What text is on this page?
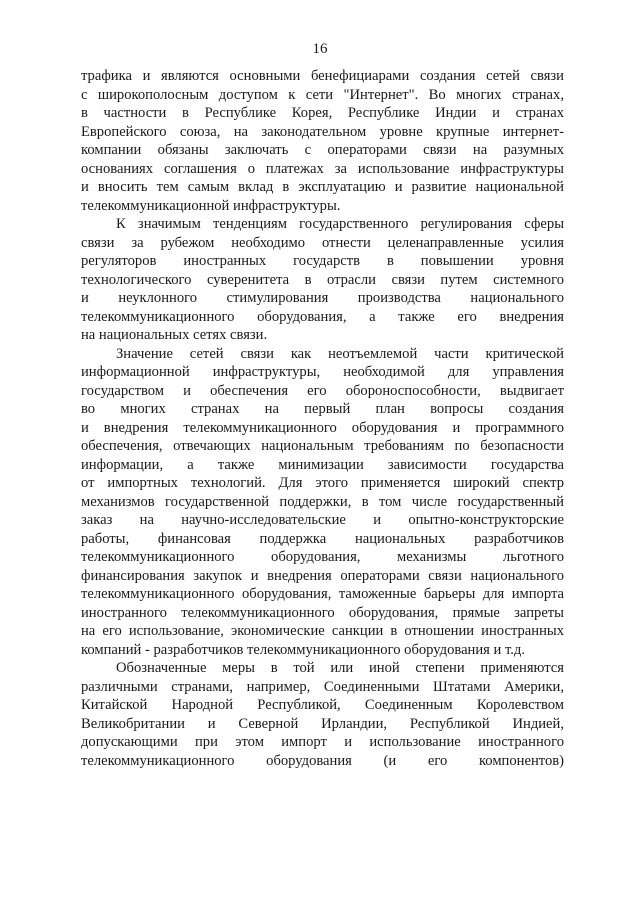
16
трафика и являются основными бенефициарами создания сетей связи
с широкополосным доступом к сети "Интернет". Во многих странах,
в частности в Республике Корея, Республике Индии и странах
Европейского союза, на законодательном уровне крупные интернет-
компании обязаны заключать с операторами связи на разумных
основаниях соглашения о платежах за использование инфраструктуры
и вносить тем самым вклад в эксплуатацию и развитие национальной
телекоммуникационной инфраструктуры.
К значимым тенденциям государственного регулирования сферы
связи за рубежом необходимо отнести целенаправленные усилия
регуляторов иностранных государств в повышении уровня
технологического суверенитета в отрасли связи путем системного
и неуклонного стимулирования производства национального
телекоммуникационного оборудования, а также его внедрения
на национальных сетях связи.
Значение сетей связи как неотъемлемой части критической
информационной инфраструктуры, необходимой для управления
государством и обеспечения его обороноспособности, выдвигает
во многих странах на первый план вопросы создания
и внедрения телекоммуникационного оборудования и программного
обеспечения, отвечающих национальным требованиям по безопасности
информации, а также минимизации зависимости государства
от импортных технологий. Для этого применяется широкий спектр
механизмов государственной поддержки, в том числе государственный
заказ на научно-исследовательские и опытно-конструкторские
работы, финансовая поддержка национальных разработчиков
телекоммуникационного оборудования, механизмы льготного
финансирования закупок и внедрения операторами связи национального
телекоммуникационного оборудования, таможенные барьеры для импорта
иностранного телекоммуникационного оборудования, прямые запреты
на его использование, экономические санкции в отношении иностранных
компаний - разработчиков телекоммуникационного оборудования и т.д.
Обозначенные меры в той или иной степени применяются
различными странами, например, Соединенными Штатами Америки,
Китайской Народной Республикой, Соединенным Королевством
Великобритании и Северной Ирландии, Республикой Индией,
допускающими при этом импорт и использование иностранного
телекоммуникационного оборудования (и его компонентов)
